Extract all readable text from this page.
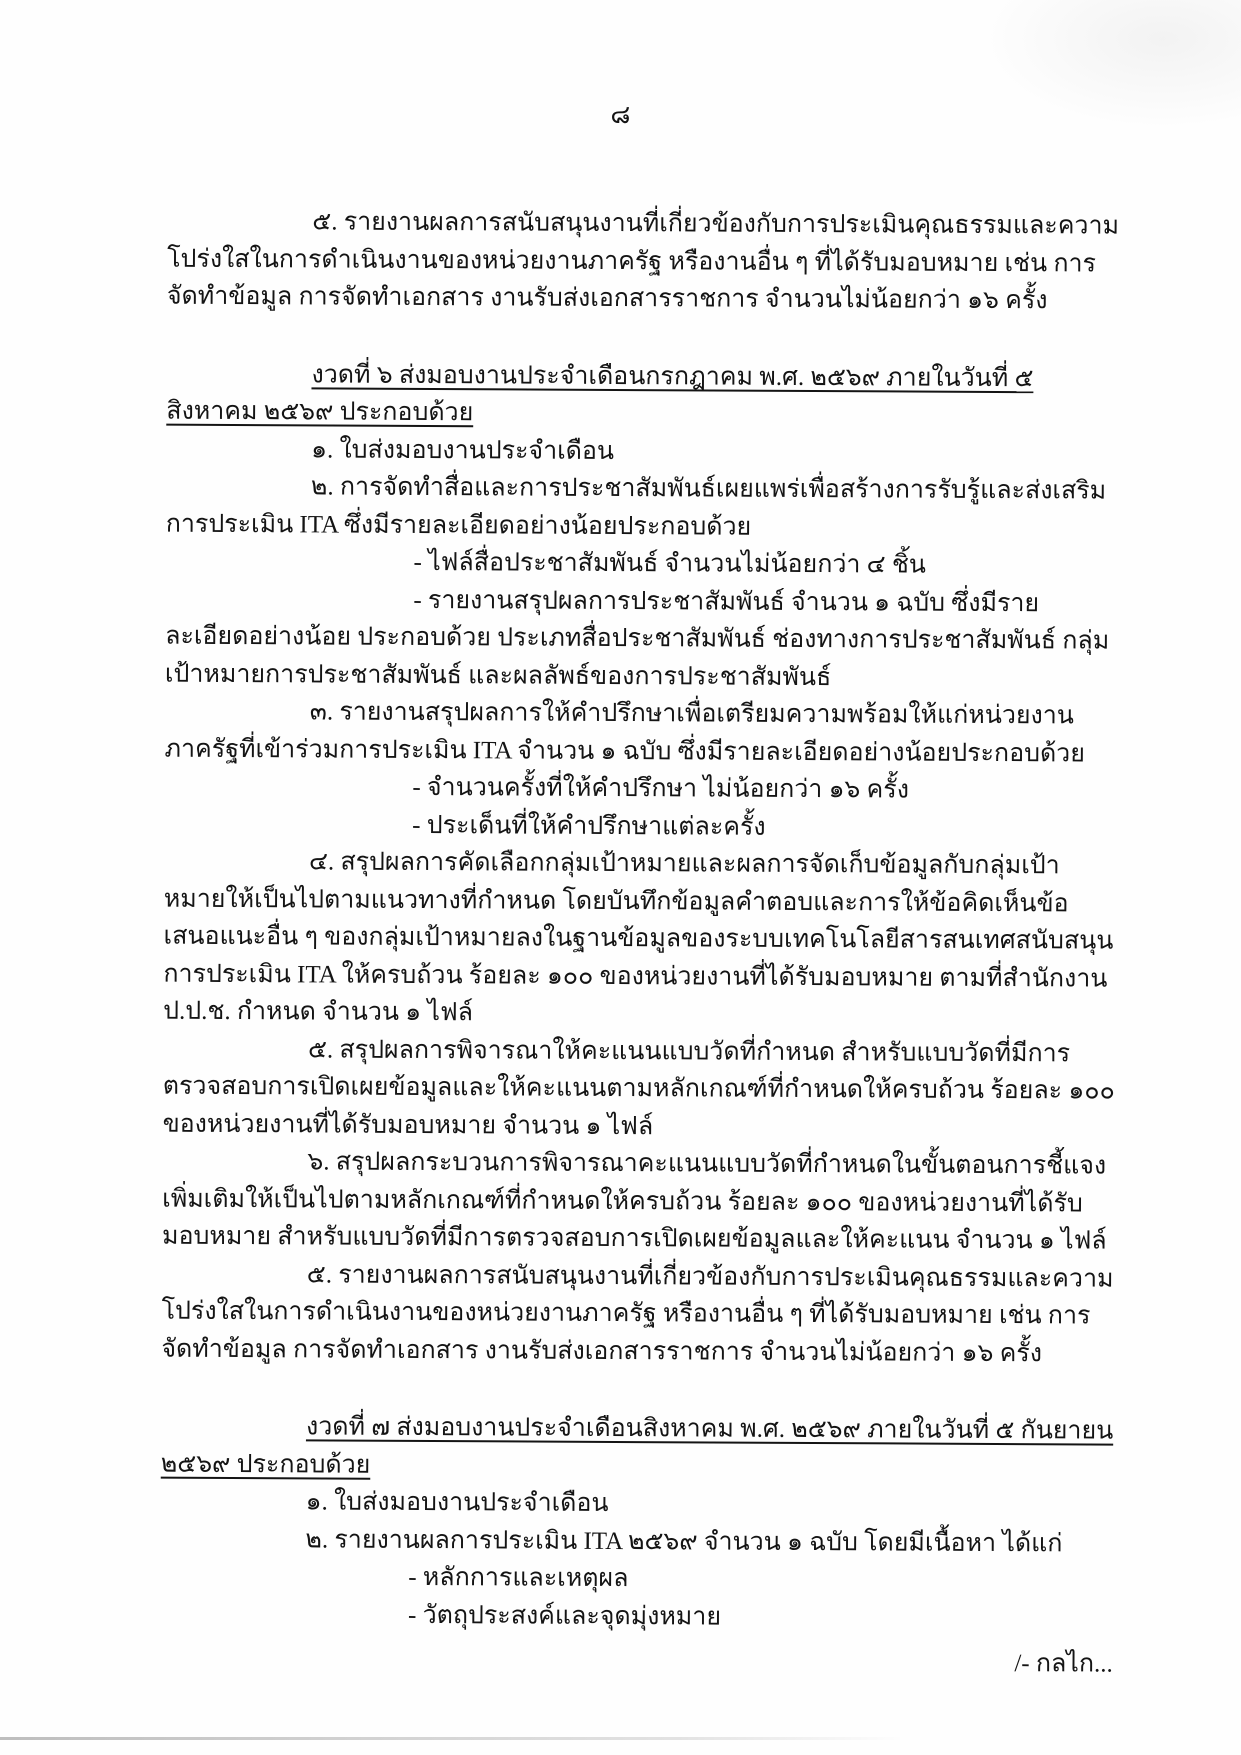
๘

๕. รายงานผลการสนับสนุนงานที่เกี่ยวข้องกับการประเมินคุณธรรมและความโปร่งใสในการดำเนินงานของหน่วยงานภาครัฐ หรืองานอื่น ๆ ที่ได้รับมอบหมาย เช่น การจัดทำข้อมูล การจัดทำเอกสาร งานรับส่งเอกสารราชการ จำนวนไม่น้อยกว่า ๑๖ ครั้ง

งวดที่ ๖ ส่งมอบงานประจำเดือนกรกฎาคม พ.ศ. ๒๕๖๙ ภายในวันที่ ๕ สิงหาคม ๒๕๖๙ ประกอบด้วย

๑. ใบส่งมอบงานประจำเดือน

๒. การจัดทำสื่อและการประชาสัมพันธ์เผยแพร่เพื่อสร้างการรับรู้และส่งเสริมการประเมิน ITA ซึ่งมีรายละเอียดอย่างน้อยประกอบด้วย

- ไฟล์สื่อประชาสัมพันธ์ จำนวนไม่น้อยกว่า ๔ ชิ้น

- รายงานสรุปผลการประชาสัมพันธ์ จำนวน ๑ ฉบับ ซึ่งมีรายละเอียดอย่างน้อย ประกอบด้วย ประเภทสื่อประชาสัมพันธ์ ช่องทางการประชาสัมพันธ์ กลุ่มเป้าหมายการประชาสัมพันธ์ และผลลัพธ์ของการประชาสัมพันธ์

๓. รายงานสรุปผลการให้คำปรึกษาเพื่อเตรียมความพร้อมให้แก่หน่วยงานภาครัฐที่เข้าร่วมการประเมิน ITA จำนวน ๑ ฉบับ ซึ่งมีรายละเอียดอย่างน้อยประกอบด้วย

- จำนวนครั้งที่ให้คำปรึกษา ไม่น้อยกว่า ๑๖ ครั้ง

- ประเด็นที่ให้คำปรึกษาแต่ละครั้ง

๔. สรุปผลการคัดเลือกกลุ่มเป้าหมายและผลการจัดเก็บข้อมูลกับกลุ่มเป้าหมายให้เป็นไปตามแนวทางที่กำหนด โดยบันทึกข้อมูลคำตอบและการให้ข้อคิดเห็นข้อเสนอแนะอื่น ๆ ของกลุ่มเป้าหมายลงในฐานข้อมูลของระบบเทคโนโลยีสารสนเทศสนับสนุนการประเมิน ITA ให้ครบถ้วน ร้อยละ ๑๐๐ ของหน่วยงานที่ได้รับมอบหมาย ตามที่สำนักงาน ป.ป.ช. กำหนด จำนวน ๑ ไฟล์

๕. สรุปผลการพิจารณาให้คะแนนแบบวัดที่กำหนด สำหรับแบบวัดที่มีการตรวจสอบการเปิดเผยข้อมูลและให้คะแนนตามหลักเกณฑ์ที่กำหนดให้ครบถ้วน ร้อยละ ๑๐๐ ของหน่วยงานที่ได้รับมอบหมาย จำนวน ๑ ไฟล์

๖. สรุปผลกระบวนการพิจารณาคะแนนแบบวัดที่กำหนดในขั้นตอนการชี้แจงเพิ่มเติมให้เป็นไปตามหลักเกณฑ์ที่กำหนดให้ครบถ้วน ร้อยละ ๑๐๐ ของหน่วยงานที่ได้รับมอบหมาย สำหรับแบบวัดที่มีการตรวจสอบการเปิดเผยข้อมูลและให้คะแนน จำนวน ๑ ไฟล์

๕. รายงานผลการสนับสนุนงานที่เกี่ยวข้องกับการประเมินคุณธรรมและความโปร่งใสในการดำเนินงานของหน่วยงานภาครัฐ หรืองานอื่น ๆ ที่ได้รับมอบหมาย เช่น การจัดทำข้อมูล การจัดทำเอกสาร งานรับส่งเอกสารราชการ จำนวนไม่น้อยกว่า ๑๖ ครั้ง

งวดที่ ๗ ส่งมอบงานประจำเดือนสิงหาคม พ.ศ. ๒๕๖๙ ภายในวันที่ ๕ กันยายน ๒๕๖๙ ประกอบด้วย

๑. ใบส่งมอบงานประจำเดือน

๒. รายงานผลการประเมิน ITA ๒๕๖๙ จำนวน ๑ ฉบับ โดยมีเนื้อหา ได้แก่

- หลักการและเหตุผล

- วัตถุประสงค์และจุดมุ่งหมาย

/- กลไก...
